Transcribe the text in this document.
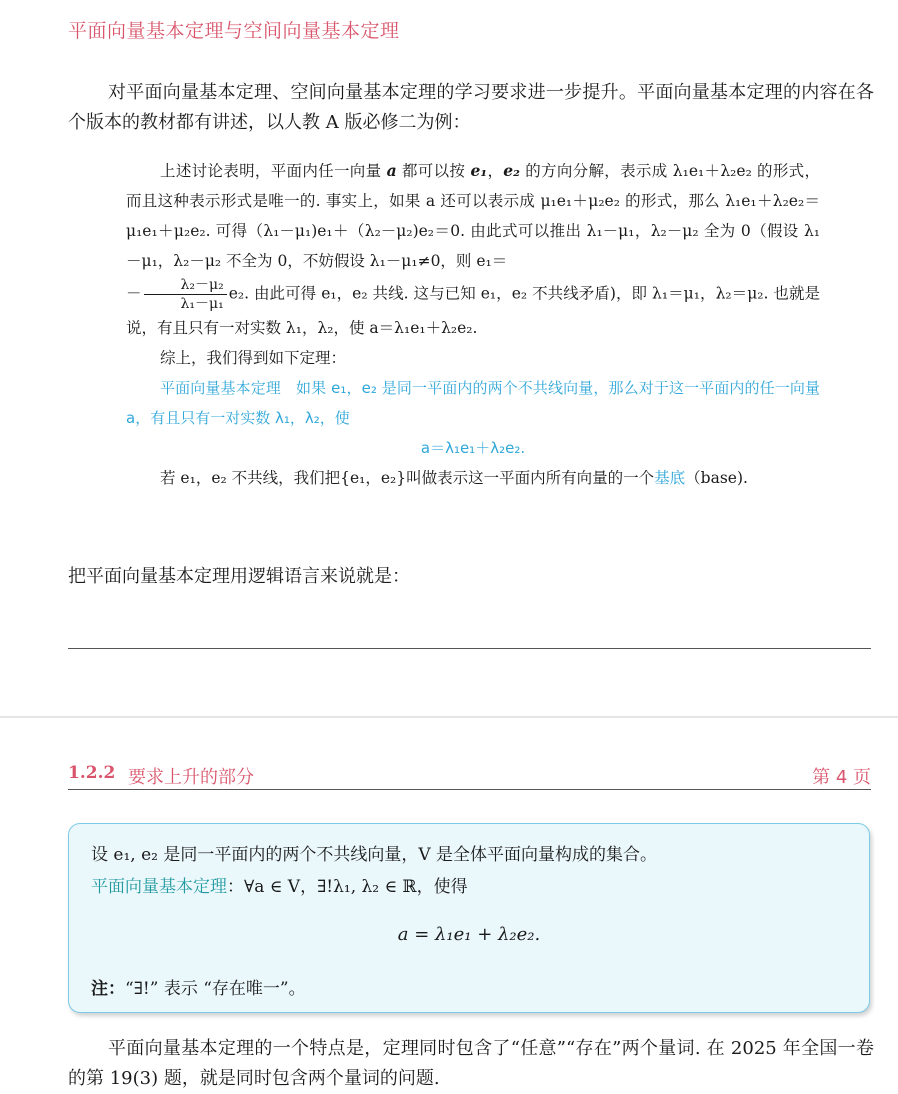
平面向量基本定理与空间向量基本定理
对平面向量基本定理、空间向量基本定理的学习要求进一步提升。平面向量基本定理的内容在各个版本的教材都有讲述，以人教 A 版必修二为例：

上述讨论表明，平面内任一向量 a 都可以按 e₁，e₂ 的方向分解，表示成 λ₁e₁＋λ₂e₂ 的形式，而且这种表示形式是唯一的. 事实上，如果 a 还可以表示成 μ₁e₁＋μ₂e₂ 的形式，那么 λ₁e₁＋λ₂e₂＝μ₁e₁＋μ₂e₂. 可得（λ₁－μ₁)e₁＋（λ₂－μ₂)e₂＝0. 由此式可以推出 λ₁－μ₁，λ₂－μ₂ 全为 0（假设 λ₁－μ₁，λ₂－μ₂ 不全为 0，不妨假设 λ₁－μ₁≠0，则 e₁＝
－ $\frac{\text{λ₂－μ₂}}{\text{λ₁－μ₁}} e_2$. 由此可得 e₁，e₂ 共线. 这与已知 e₁，e₂ 不共线矛盾)，即 λ₁＝μ₁，λ₂＝μ₂. 也就是说，有且只有一对实数 λ₁，λ₂，使 a＝λ₁e₁＋λ₂e₂.

综上，我们得到如下定理：

平面向量基本定理　如果 e₁，e₂ 是同一平面内的两个不共线向量，那么对于这一平面内的任一向量 a，有且只有一对实数 λ₁，λ₂，使

a＝λ₁e₁＋λ₂e₂.

若 e₁，e₂ 不共线，我们把{e₁，e₂}叫做表示这一平面内所有向量的一个基底（base).

把平面向量基本定理用逻辑语言来说就是：
1.2.2 要求上升的部分	第 4 页
设 e₁, e₂ 是同一平面内的两个不共线向量，V 是全体平面向量构成的集合。
平面向量基本定理：∀a ∈ V，∃!λ₁, λ₂ ∈ ℝ，使得
a = λ₁e₁ + λ₂e₂.
注：“∃!” 表示 “存在唯一”。
平面向量基本定理的一个特点是，定理同时包含了“任意”“存在”两个量词. 在 2025 年全国一卷的第 19(3) 题，就是同时包含两个量词的问题.
